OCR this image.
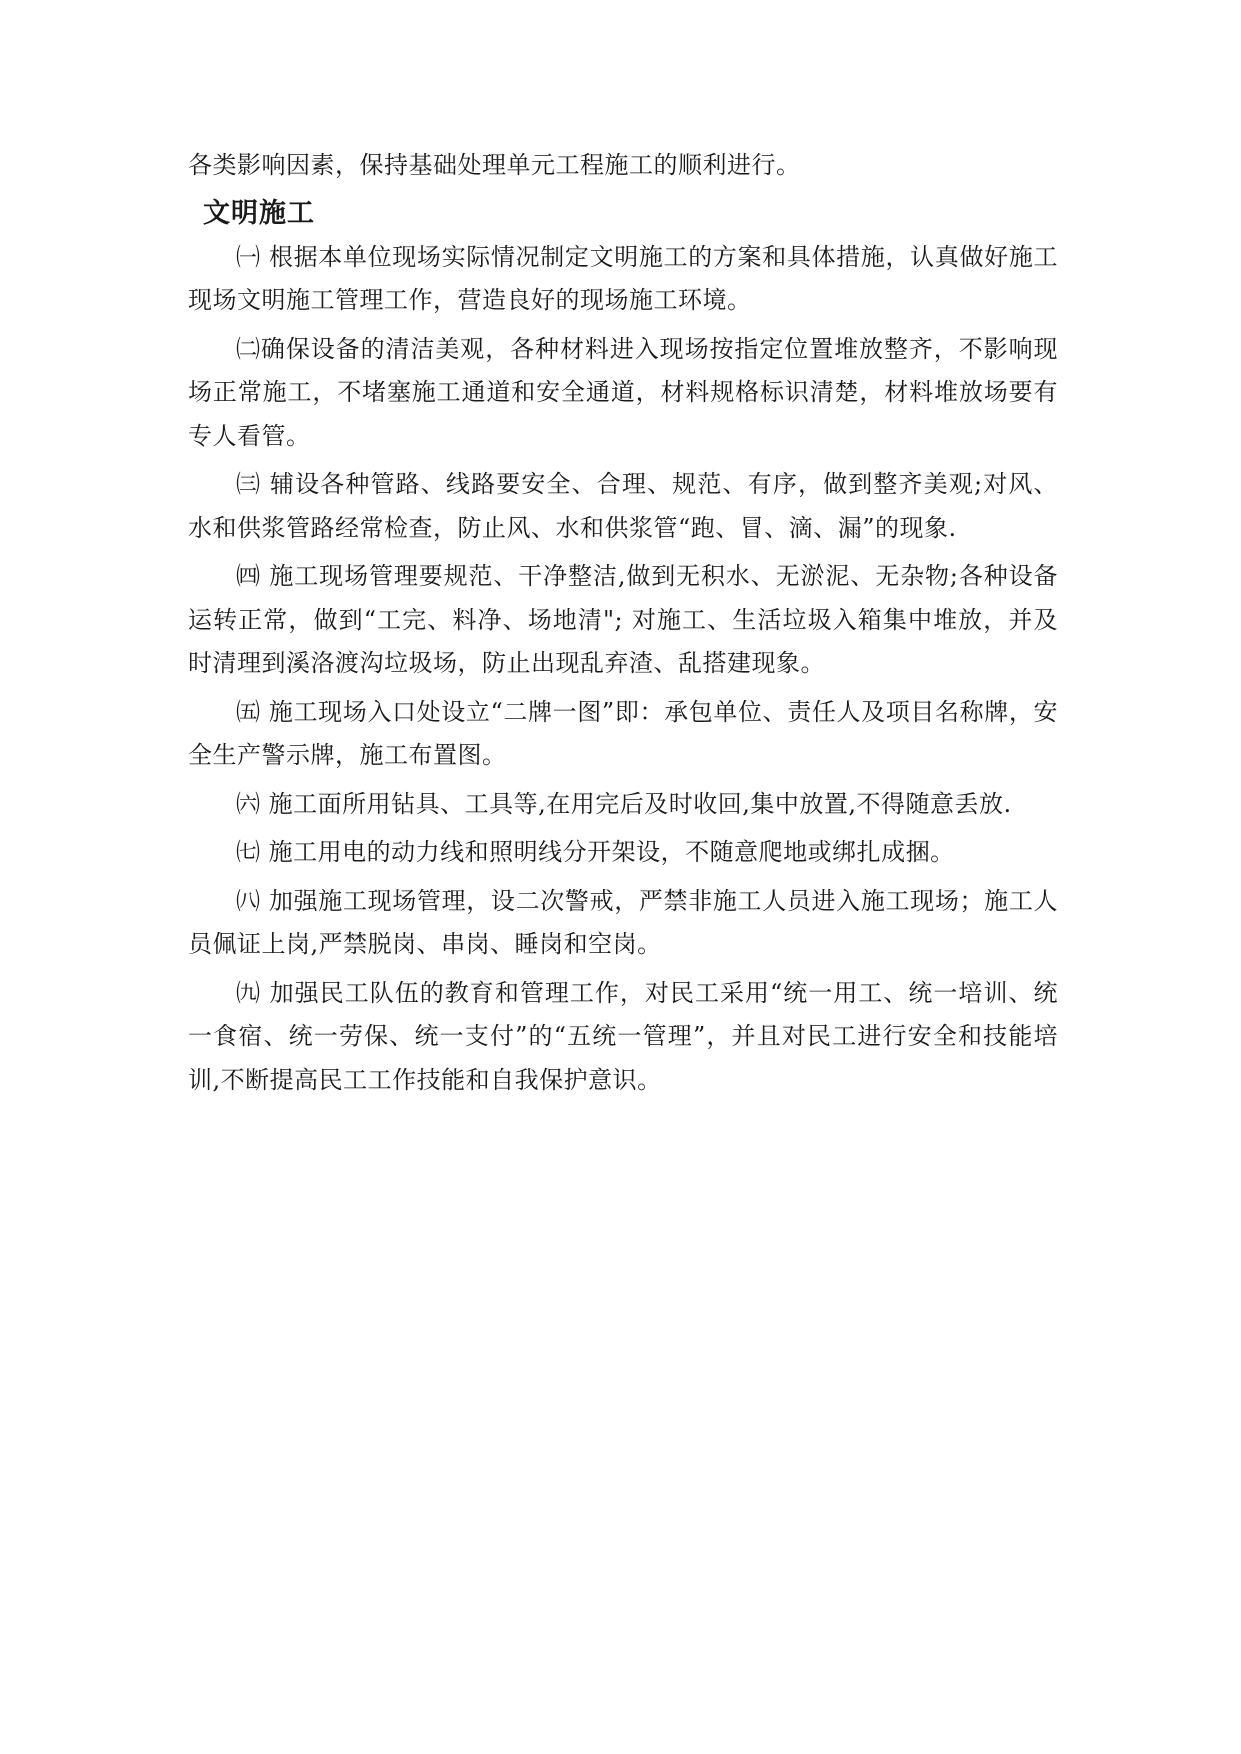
各类影响因素，保持基础处理单元工程施工的顺利进行。

文明施工

㈠ 根据本单位现场实际情况制定文明施工的方案和具体措施，认真做好施工现场文明施工管理工作，营造良好的现场施工环境。

㈡确保设备的清洁美观，各种材料进入现场按指定位置堆放整齐，不影响现场正常施工，不堵塞施工通道和安全通道，材料规格标识清楚，材料堆放场要有专人看管。

㈢ 辅设各种管路、线路要安全、合理、规范、有序，做到整齐美观;对风、水和供浆管路经常检查，防止风、水和供浆管“跑、冒、滴、漏”的现象.

㈣ 施工现场管理要规范、干净整洁,做到无积水、无淤泥、无杂物;各种设备运转正常，做到“工完、料净、场地清"; 对施工、生活垃圾入箱集中堆放，并及时清理到溪洛渡沟垃圾场，防止出现乱弃渣、乱搭建现象。

㈤ 施工现场入口处设立“二牌一图”即：承包单位、责任人及项目名称牌，安全生产警示牌，施工布置图。

㈥ 施工面所用钻具、工具等,在用完后及时收回,集中放置,不得随意丢放.

㈦ 施工用电的动力线和照明线分开架设，不随意爬地或绑扎成捆。

㈧ 加强施工现场管理，设二次警戒，严禁非施工人员进入施工现场；施工人员佩证上岗,严禁脱岗、串岗、睡岗和空岗。

㈨ 加强民工队伍的教育和管理工作，对民工采用“统一用工、统一培训、统一食宿、统一劳保、统一支付”的“五统一管理”，并且对民工进行安全和技能培训,不断提高民工工作技能和自我保护意识。
